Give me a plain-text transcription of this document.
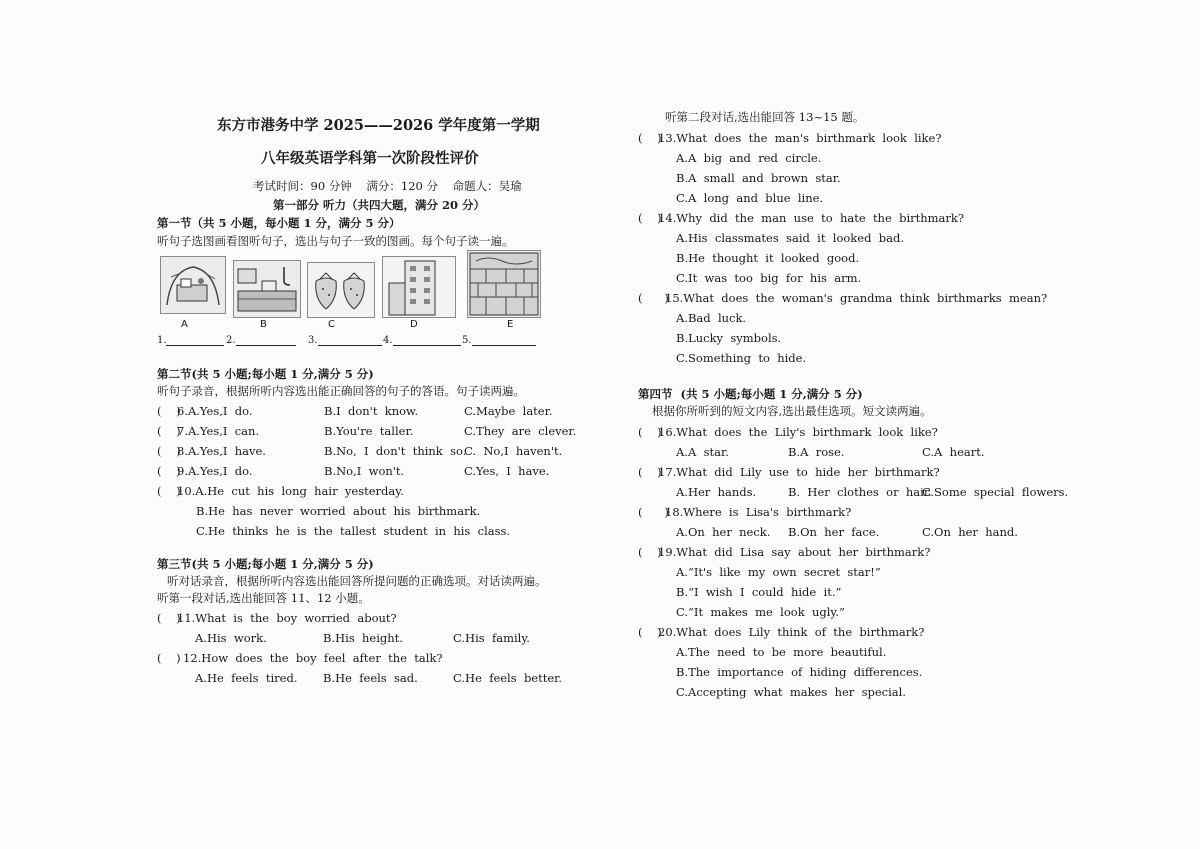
东方市港务中学 2025——2026 学年度第一学期
八年级英语学科第一次阶段性评价
考试时间：90 分钟    满分：120 分    命题人：吴瑜
第一部分 听力（共四大题，满分 20 分）
第一节（共 5 小题，每小题 1 分，满分 5 分）
听句子选图画看图听句子，选出与句子一致的图画。每个句子读一遍。
A	B	C	D	E
1.	2.	3.	4.	5.
第二节(共 5 小题;每小题 1 分,满分 5 分)
听句子录音，根据所听内容选出能正确回答的句子的答语。句子读两遍。
(    )
6.A.Yes,I  do.	B.I  don't  know.	C.Maybe  later.
(    )
7.A.Yes,I  can.	B.You're  taller.	C.They  are  clever.
(    )
8.A.Yes,I  have.	B.No,  I  don't  think  so.
C.  No,I  haven't.
(    )
9.A.Yes,I  do.	B.No,I  won't.	C.Yes,  I  have.
(    )
10.A.He  cut  his  long  hair  yesterday.
B.He  has  never  worried  about  his  birthmark.
C.He  thinks  he  is  the  tallest  student  in  his  class.
第三节(共 5 小题;每小题 1 分,满分 5 分)
听对话录音，根据所听内容选出能回答所提问题的正确选项。对话读两遍。
听第一段对话,选出能回答 11、12 小题。
(    )
11.What  is  the  boy  worried  about?
A.His  work.	B.His  height.	C.His  family.
(    ) 12.How  does  the  boy  feel  after  the  talk?
A.He  feels  tired. B.He  feels  sad.	C.He  feels  better.
听第二段对话,选出能回答 13~15 题。
(    )
13.What  does  the  man's  birthmark  look  like?
A.A  big  and  red  circle.
B.A  small  and  brown  star.
C.A  long  and  blue  line.
(    )
14.Why  did  the  man  use  to  hate  the  birthmark?
A.His  classmates  said  it  looked  bad.
B.He  thought  it  looked  good.
C.It  was  too  big  for  his  arm.
(      )
15.What  does  the  woman's  grandma  think  birthmarks  mean?
A.Bad  luck.
B.Lucky  symbols.
C.Something  to  hide.
第四节  (共 5 小题;每小题 1 分,满分 5 分)
根据你所听到的短文内容,选出最佳选项。短文读两遍。
(    )
16.What  does  the  Lily's  birthmark  look  like?
A.A  star.	B.A  rose.	C.A  heart.
(    )
17.What  did  Lily  use  to  hide  her  birthmark?
A.Her  hands.	B.  Her  clothes  or  hair.
C.Some  special  flowers.
(      )
18.Where  is  Lisa's  birthmark?
A.On  her  neck. B.On  her  face.	C.On  her  hand.
(    )
19.What  did  Lisa  say  about  her  birthmark?
A.“It's  like  my  own  secret  star!”
B.“I  wish  I  could  hide  it.”
C.“It  makes  me  look  ugly.”
(    )
20.What  does  Lily  think  of  the  birthmark?
A.The  need  to  be  more  beautiful.
B.The  importance  of  hiding  differences.
C.Accepting  what  makes  her  special.
